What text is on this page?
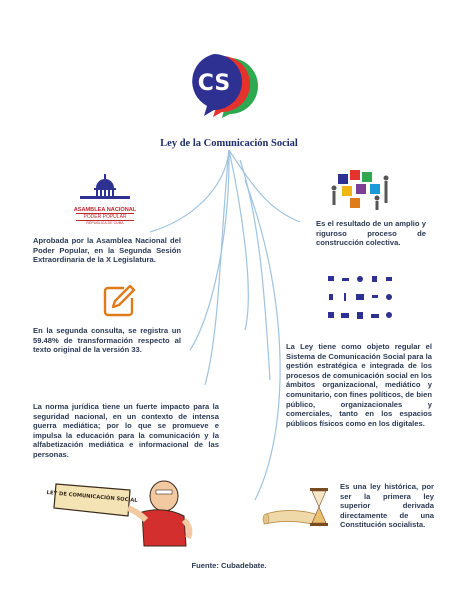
CS
Ley de la Comunicación Social
ASAMBLEA NACIONAL
PODER POPULAR
REPUBLICA DE CUBA
Aprobada por la Asamblea Nacional del Poder Popular, en la Segunda Sesión Extraordinaria de la X Legislatura.
En la segunda consulta, se registra un 59.48% de transformación respecto al texto original de la versión 33.
La norma jurídica tiene un fuerte impacto para la seguridad nacional, en un contexto de intensa guerra mediática; por lo que se promueve e impulsa la educación para la comunicación y la alfabetización mediática e informacional de las personas.
Es el resultado de un amplio y riguroso proceso de construcción colectiva.
La Ley tiene como objeto regular el Sistema de Comunicación Social para la gestión estratégica e integrada de los procesos de comunicación social en los ámbitos organizacional, mediático y comunitario, con fines políticos, de bien público, organizacionales y comerciales, tanto en los espacios públicos físicos como en los digitales.
LEY DE COMUNICACIÓN SOCIAL
Es una ley histórica, por ser la primera ley superior derivada directamente de una Constitución socialista.
Fuente: Cubadebate.
